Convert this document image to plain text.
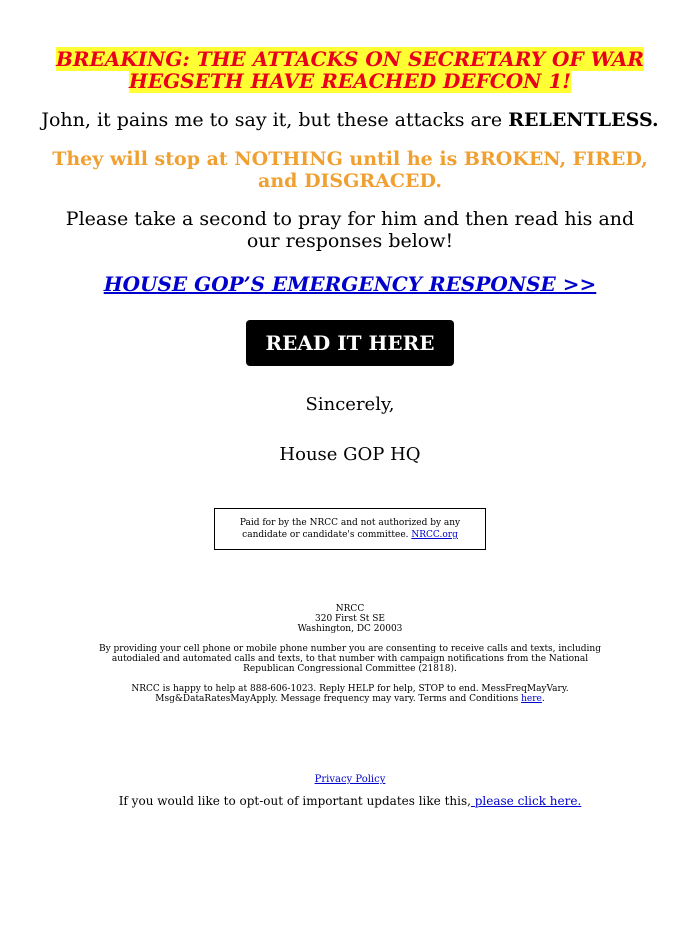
BREAKING: THE ATTACKS ON SECRETARY OF WAR HEGSETH HAVE REACHED DEFCON 1!
John, it pains me to say it, but these attacks are RELENTLESS.
They will stop at NOTHING until he is BROKEN, FIRED, and DISGRACED.
Please take a second to pray for him and then read his and our responses below!
HOUSE GOP’S EMERGENCY RESPONSE >>
READ IT HERE
Sincerely,
House GOP HQ
Paid for by the NRCC and not authorized by any candidate or candidate's committee. NRCC.org
NRCC
320 First St SE
Washington, DC 20003
By providing your cell phone or mobile phone number you are consenting to receive calls and texts, including autodialed and automated calls and texts, to that number with campaign notifications from the National Republican Congressional Committee (21818).
NRCC is happy to help at 888-606-1023. Reply HELP for help, STOP to end. MessFreqMayVary. Msg&DataRatesMayApply. Message frequency may vary. Terms and Conditions here.
Privacy Policy
If you would like to opt-out of important updates like this, please click here.
